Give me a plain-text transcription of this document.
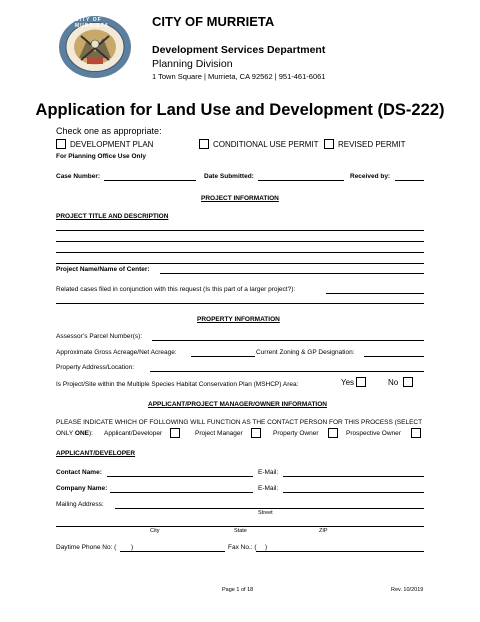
CITY OF MURRIETA	CITY OF MURRIETA
Development Services Department
Planning Division
1 Town Square | Murrieta, CA 92562 | 951-461-6061
Application for Land Use and Development (DS-222)
Check one as appropriate:
DEVELOPMENT PLAN	CONDITIONAL USE PERMIT REVISED PERMIT
For Planning Office Use Only
Case Number:	Date Submitted:	Received by:
PROJECT INFORMATION
PROJECT TITLE AND DESCRIPTION
Project Name/Name of Center:
Related cases filed in conjunction with this request (Is this part of a larger project?):
PROPERTY INFORMATION
Assessor’s Parcel Number(s):
Approximate Gross Acreage/Net Acreage:	Current Zoning & GP Designation:
Property Address/Location:
Is Project/Site within the Multiple Species Habitat Conservation Plan (MSHCP) Area:	Yes	No
APPLICANT/PROJECT MANAGER/OWNER INFORMATION
PLEASE INDICATE WHICH OF FOLLOWING WILL FUNCTION AS THE CONTACT PERSON FOR THIS PROCESS (SELECT
ONLY ONE): Applicant/Developer	Project Manager	Property Owner	Prospective Owner
APPLICANT/DEVELOPER
Contact Name:	E-Mail:
Company Name:	E-Mail:
Mailing Address:
Street
City	State	ZIP
Daytime Phone No: ( )	Fax No.: ( )
Page 1 of 18	Rev. 10/2019
